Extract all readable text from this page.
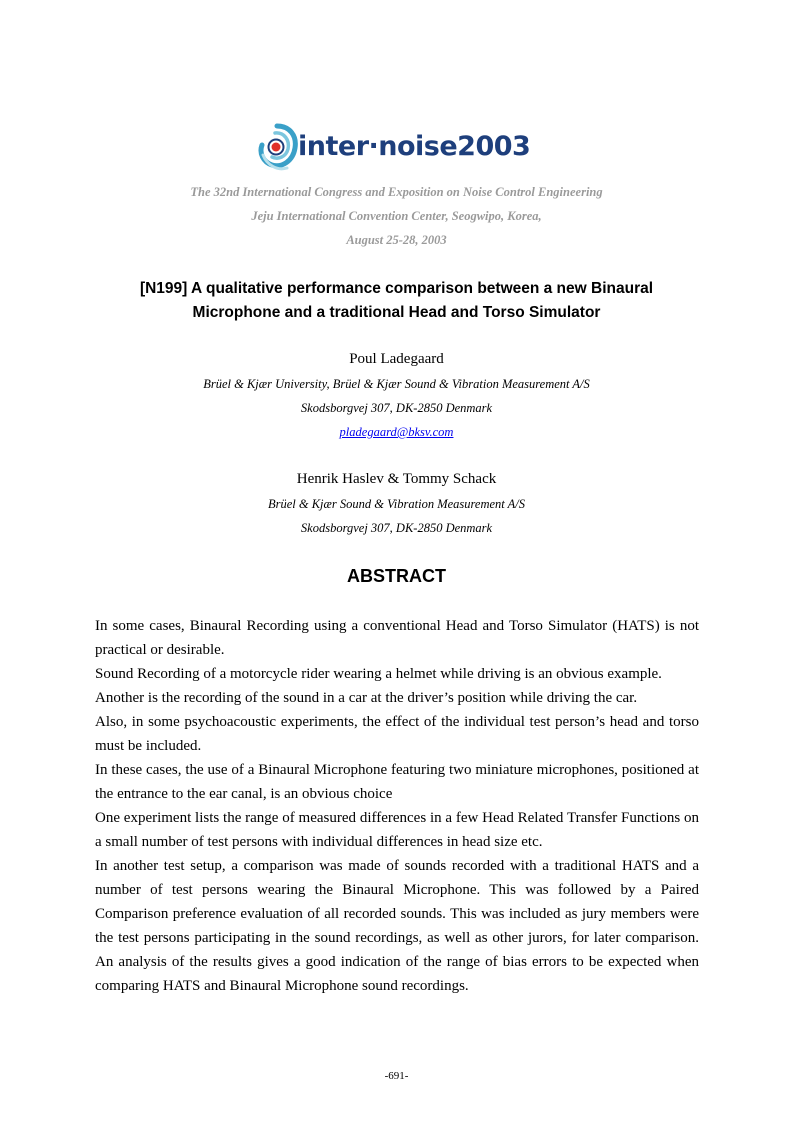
inter·noise2003
The 32nd International Congress and Exposition on Noise Control Engineering
Jeju International Convention Center, Seogwipo, Korea,
August 25-28, 2003
[N199] A qualitative performance comparison between a new Binaural
Microphone and a traditional Head and Torso Simulator
Poul Ladegaard
Brüel & Kjær University, Brüel & Kjær Sound & Vibration Measurement A/S
Skodsborgvej 307, DK-2850 Denmark
pladegaard@bksv.com
Henrik Haslev & Tommy Schack
Brüel & Kjær Sound & Vibration Measurement A/S
Skodsborgvej 307, DK-2850 Denmark
ABSTRACT

In some cases, Binaural Recording using a conventional Head and Torso Simulator (HATS) is not practical or desirable.

Sound Recording of a motorcycle rider wearing a helmet while driving is an obvious example.

Another is the recording of the sound in a car at the driver’s position while driving the car.

Also, in some psychoacoustic experiments, the effect of the individual test person’s head and torso must be included.

In these cases, the use of a Binaural Microphone featuring two miniature microphones, positioned at the entrance to the ear canal, is an obvious choice

One experiment lists the range of measured differences in a few Head Related Transfer Functions on a small number of test persons with individual differences in head size etc.

In another test setup, a comparison was made of sounds recorded with a traditional HATS and a number of test persons wearing the Binaural Microphone. This was followed by a Paired Comparison preference evaluation of all recorded sounds. This was included as jury members were the test persons participating in the sound recordings, as well as other jurors, for later comparison. An analysis of the results gives a good indication of the range of bias errors to be expected when comparing HATS and Binaural Microphone sound recordings.

-691-
